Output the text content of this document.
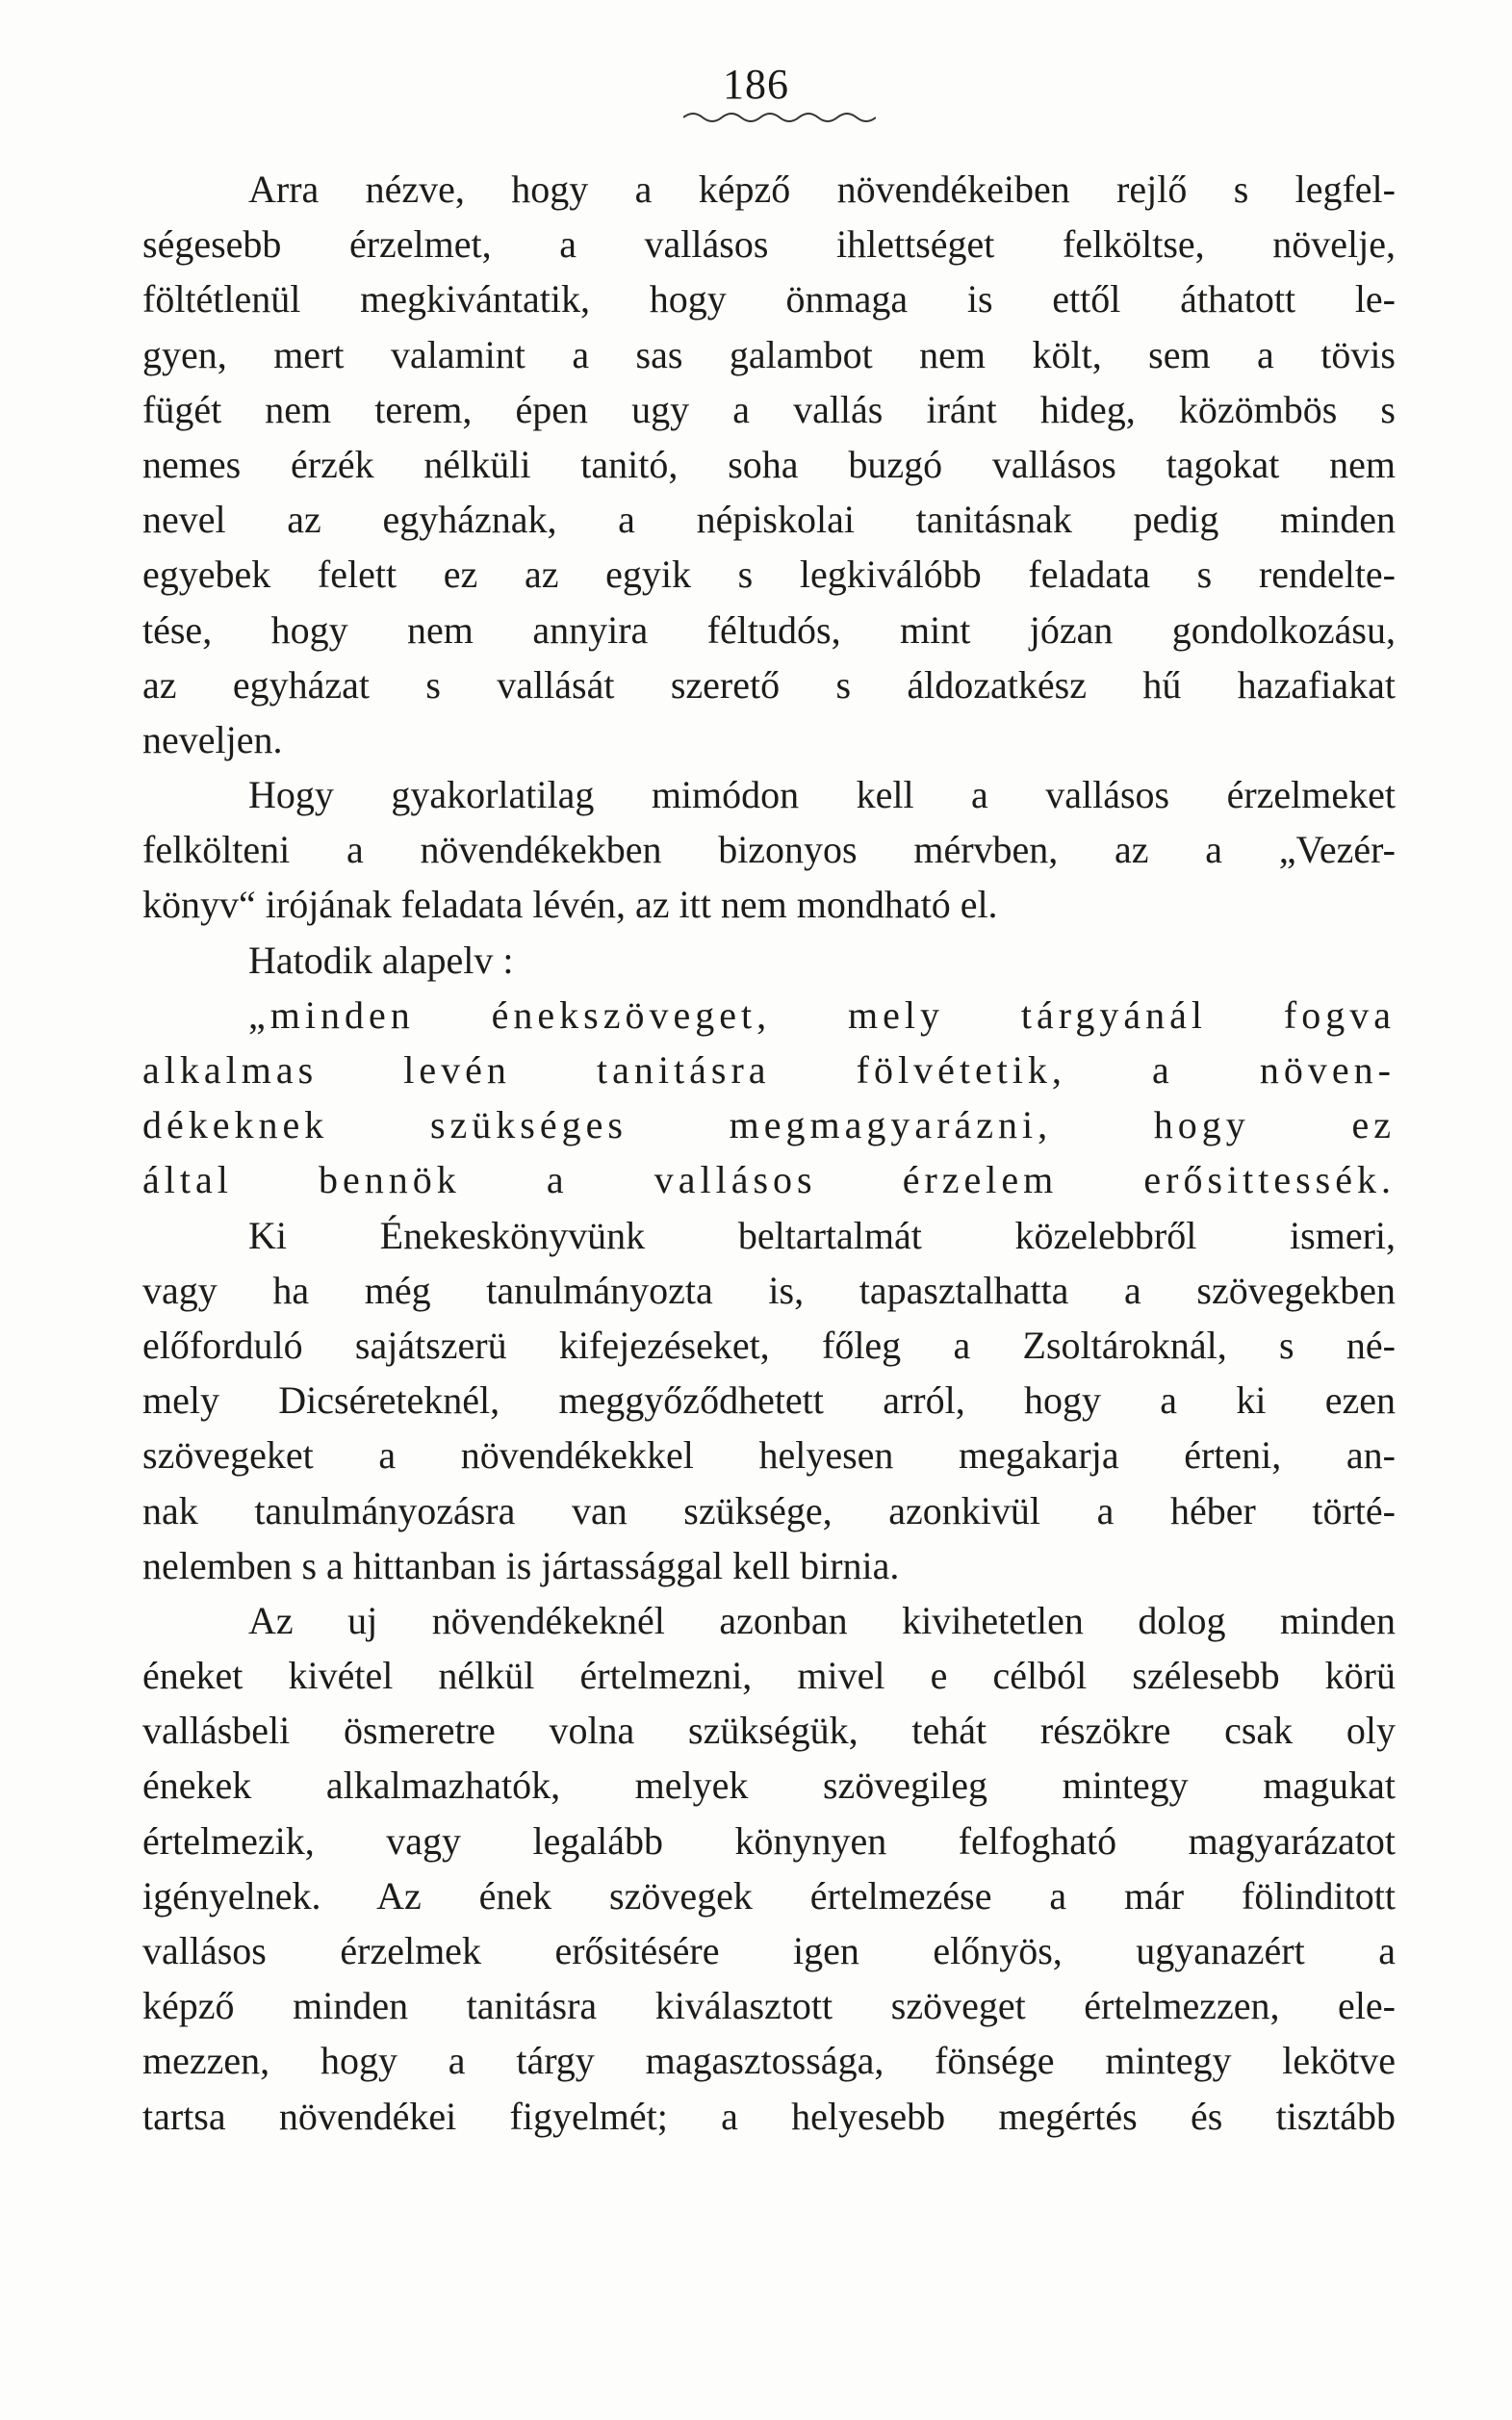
186
Arra nézve, hogy a képző növendékeiben rejlő s legfel-
ségesebb érzelmet, a vallásos ihlettséget felköltse, növelje,
föltétlenül megkivántatik, hogy önmaga is ettől áthatott le-
gyen, mert valamint a sas galambot nem költ, sem a tövis
fügét nem terem, épen ugy a vallás iránt hideg, közömbös s
nemes érzék nélküli tanitó, soha buzgó vallásos tagokat nem
nevel az egyháznak, a népiskolai tanitásnak pedig minden
egyebek felett ez az egyik s legkiválóbb feladata s rendelte-
tése, hogy nem annyira féltudós, mint józan gondolkozásu,
az egyházat s vallását szerető s áldozatkész hű hazafiakat
neveljen.
Hogy gyakorlatilag mimódon kell a vallásos érzelmeket
felkölteni a növendékekben bizonyos mérvben, az a „Vezér-
könyv“ irójának feladata lévén, az itt nem mondható el.
Hatodik alapelv :
„minden énekszöveget, mely tárgyánál fogva
alkalmas levén tanitásra fölvétetik, a növen-
dékeknek szükséges megmagyarázni, hogy ez
által bennök a vallásos érzelem erősittessék.
Ki Énekeskönyvünk beltartalmát közelebbről ismeri,
vagy ha még tanulmányozta is, tapasztalhatta a szövegekben
előforduló sajátszerü kifejezéseket, főleg a Zsoltároknál, s né-
mely Dicséreteknél, meggyőződhetett arról, hogy a ki ezen
szövegeket a növendékekkel helyesen megakarja érteni, an-
nak tanulmányozásra van szüksége, azonkivül a héber törté-
nelemben s a hittanban is jártassággal kell birnia.
Az uj növendékeknél azonban kivihetetlen dolog minden
éneket kivétel nélkül értelmezni, mivel e célból szélesebb körü
vallásbeli ösmeretre volna szükségük, tehát részökre csak oly
énekek alkalmazhatók, melyek szövegileg mintegy magukat
értelmezik, vagy legalább könynyen felfogható magyarázatot
igényelnek. Az ének szövegek értelmezése a már fölinditott
vallásos érzelmek erősitésére igen előnyös, ugyanazért a
képző minden tanitásra kiválasztott szöveget értelmezzen, ele-
mezzen, hogy a tárgy magasztossága, fönsége mintegy lekötve
tartsa növendékei figyelmét; a helyesebb megértés és tisztább
